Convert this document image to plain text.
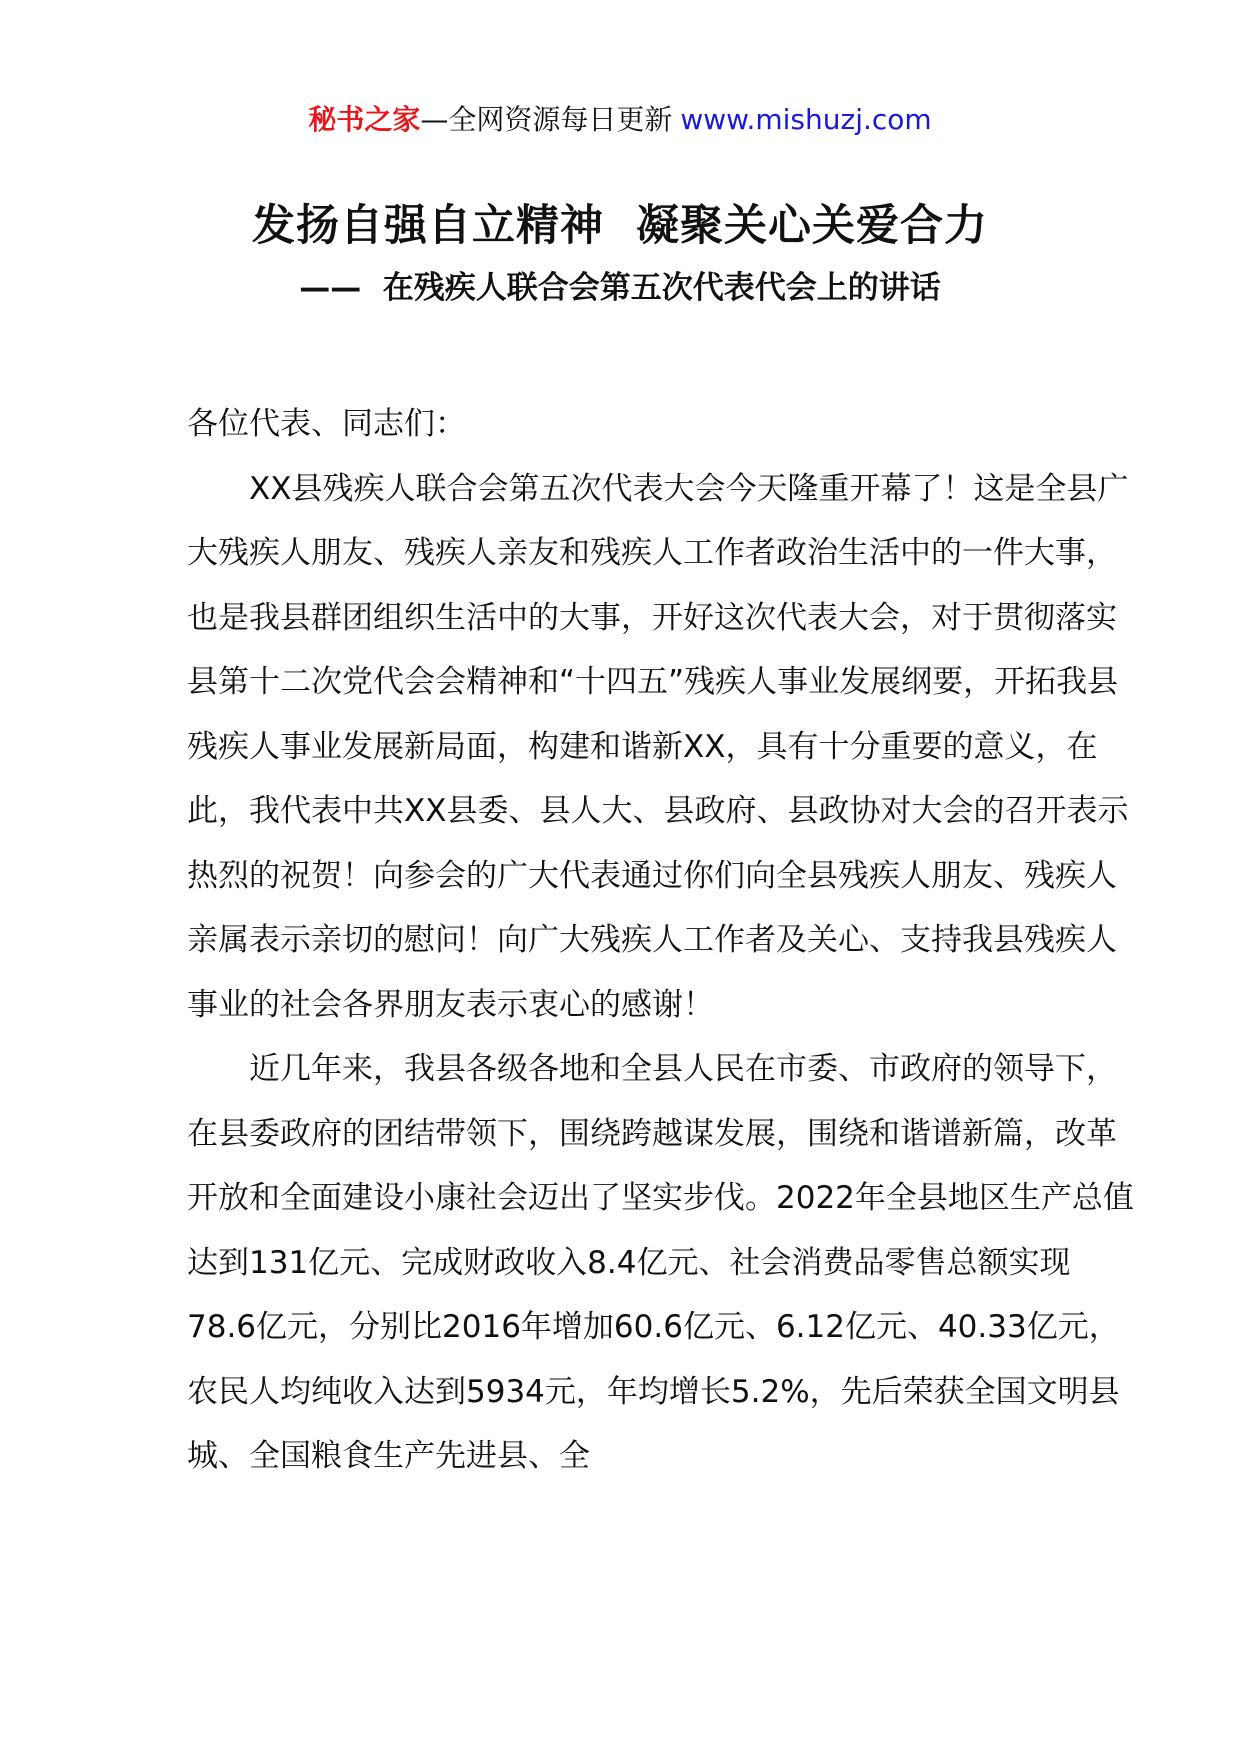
秘书之家—全网资源每日更新 www.mishuzj.com
发扬自强自立精神  凝聚关心关爱合力
——  在残疾人联合会第五次代表代会上的讲话

各位代表、同志们：

XX县残疾人联合会第五次代表大会今天隆重开幕了！这是全县广大残疾人朋友、残疾人亲友和残疾人工作者政治生活中的一件大事，也是我县群团组织生活中的大事，开好这次代表大会，对于贯彻落实县第十二次党代会会精神和“十四五”残疾人事业发展纲要，开拓我县残疾人事业发展新局面，构建和谐新XX，具有十分重要的意义，在此，我代表中共XX县委、县人大、县政府、县政协对大会的召开表示热烈的祝贺！向参会的广大代表通过你们向全县残疾人朋友、残疾人亲属表示亲切的慰问！向广大残疾人工作者及关心、支持我县残疾人事业的社会各界朋友表示衷心的感谢！

近几年来，我县各级各地和全县人民在市委、市政府的领导下，在县委政府的团结带领下，围绕跨越谋发展，围绕和谐谱新篇，改革开放和全面建设小康社会迈出了坚实步伐。2022年全县地区生产总值达到131亿元、完成财政收入8.4亿元、社会消费品零售总额实现78.6亿元，分别比2016年增加60.6亿元、6.12亿元、40.33亿元，农民人均纯收入达到5934元，年均增长5.2%，先后荣获全国文明县城、全国粮食生产先进县、全
